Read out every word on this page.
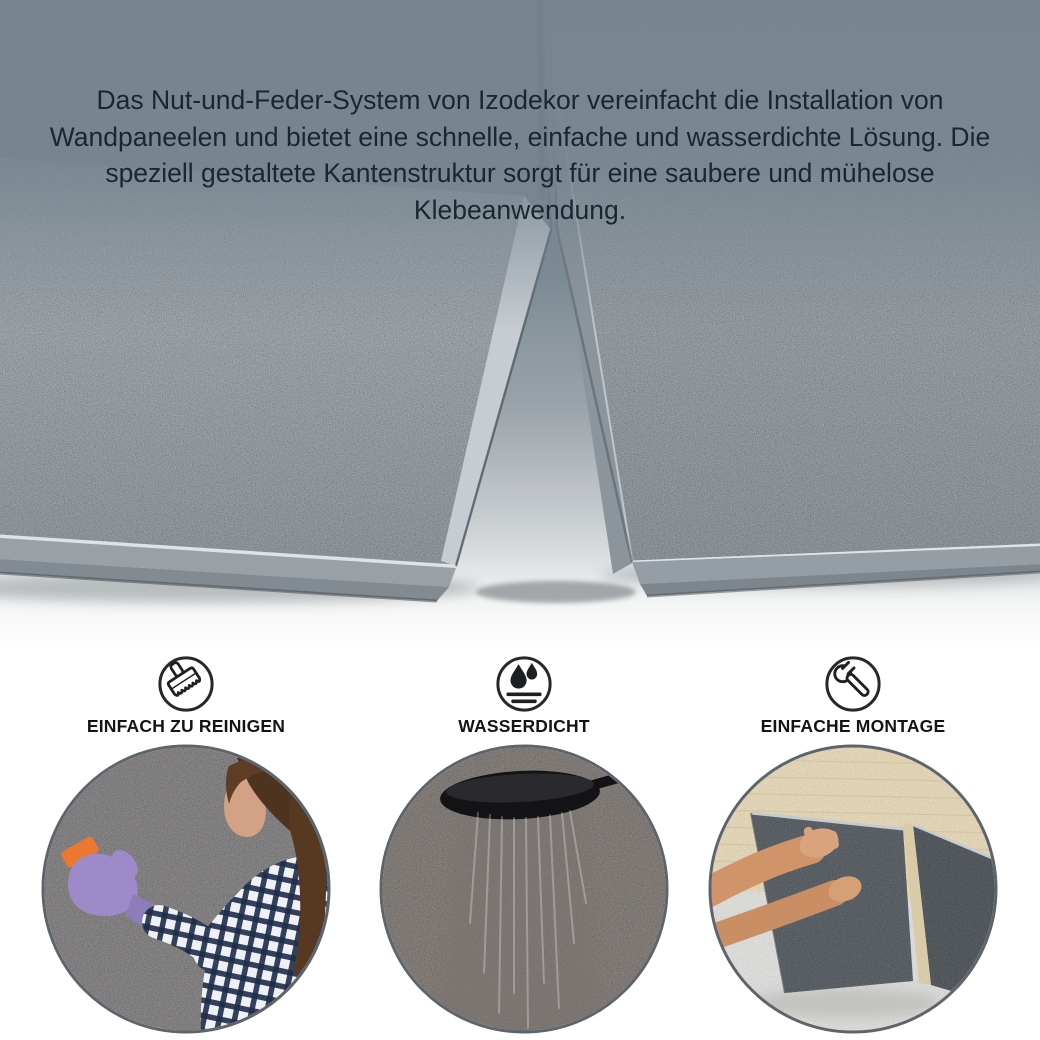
Das Nut-und-Feder-System von Izodekor vereinfacht die Installation von
Wandpaneelen und bietet eine schnelle, einfache und wasserdichte Lösung. Die
speziell gestaltete Kantenstruktur sorgt für eine saubere und mühelose
Klebeanwendung.
EINFACH ZU REINIGEN	WASSERDICHT	EINFACHE MONTAGE
